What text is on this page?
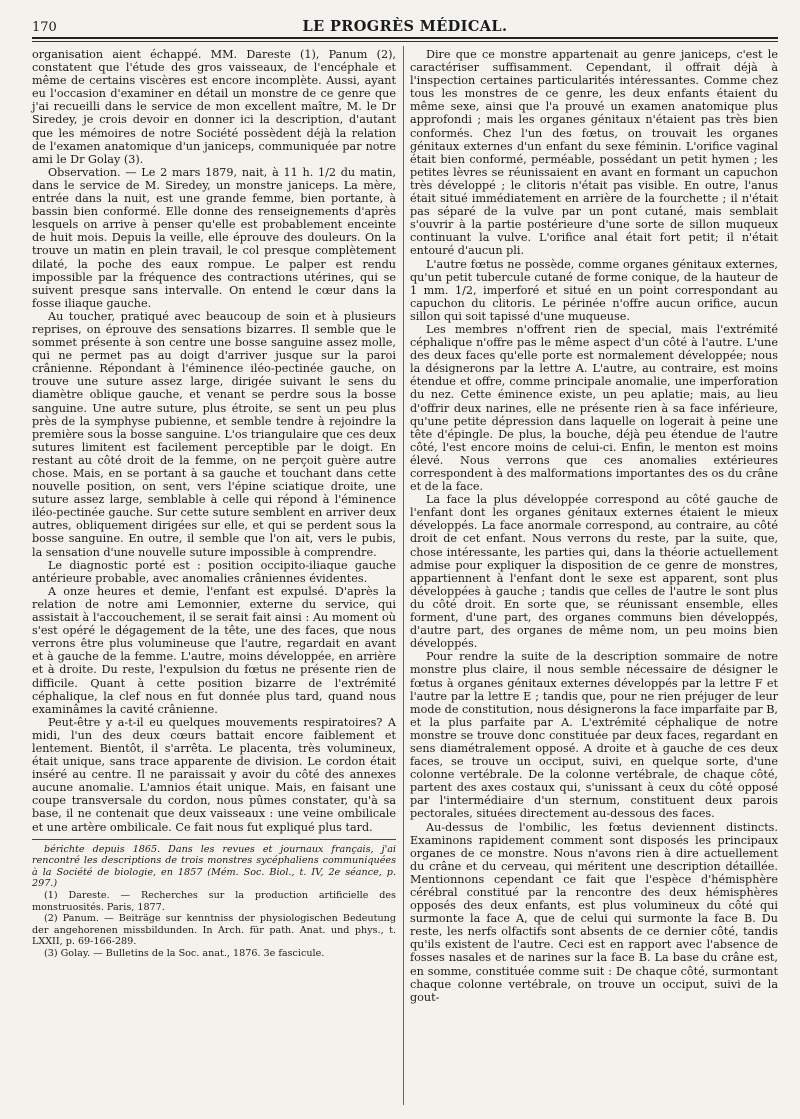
170	LE PROGRÈS MÉDICAL.

organisation aient échappé. MM. Dareste (1), Panum (2), constatent que l'étude des gros vaisseaux, de l'encéphale et même de certains viscères est encore incomplète. Aussi, ayant eu l'occasion d'examiner en détail un monstre de ce genre que j'ai recueilli dans le service de mon excellent maître, M. le Dr Siredey, je crois devoir en donner ici la description, d'autant que les mémoires de notre Société possèdent déjà la relation de l'examen anatomique d'un janiceps, communiquée par notre ami le Dr Golay (3).

Observation. — Le 2 mars 1879, nait, à 11 h. 1/2 du matin, dans le service de M. Siredey, un monstre janiceps. La mère, entrée dans la nuit, est une grande femme, bien portante, à bassin bien conformé. Elle donne des renseignements d'après lesquels on arrive à penser qu'elle est probablement enceinte de huit mois. Depuis la veille, elle éprouve des douleurs. On la trouve un matin en plein travail, le col presque complètement dilaté, la poche des eaux rompue. Le palper est rendu impossible par la fréquence des contractions utérines, qui se suivent presque sans intervalle. On entend le cœur dans la fosse iliaque gauche.

Au toucher, pratiqué avec beaucoup de soin et à plusieurs reprises, on éprouve des sensations bizarres. Il semble que le sommet présente à son centre une bosse sanguine assez molle, qui ne permet pas au doigt d'arriver jusque sur la paroi crânienne. Répondant à l'éminence iléo-pectinée gauche, on trouve une suture assez large, dirigée suivant le sens du diamètre oblique gauche, et venant se perdre sous la bosse sanguine. Une autre suture, plus étroite, se sent un peu plus près de la symphyse pubienne, et semble tendre à rejoindre la première sous la bosse sanguine. L'os triangulaire que ces deux sutures limitent est facilement perceptible par le doigt. En restant au côté droit de la femme, on ne perçoit guère autre chose. Mais, en se portant à sa gauche et touchant dans cette nouvelle position, on sent, vers l'épine sciatique droite, une suture assez large, semblable à celle qui répond à l'éminence iléo-pectinée gauche. Sur cette suture semblent en arriver deux autres, obliquement dirigées sur elle, et qui se perdent sous la bosse sanguine. En outre, il semble que l'on ait, vers le pubis, la sensation d'une nouvelle suture impossible à comprendre.

Le diagnostic porté est : position occipito-iliaque gauche antérieure probable, avec anomalies crâniennes évidentes.

A onze heures et demie, l'enfant est expulsé. D'après la relation de notre ami Lemonnier, externe du service, qui assistait à l'accouchement, il se serait fait ainsi : Au moment où s'est opéré le dégagement de la tête, une des faces, que nous verrons être plus volumineuse que l'autre, regardait en avant et à gauche de la femme. L'autre, moins développée, en arrière et à droite. Du reste, l'expulsion du fœtus ne présente rien de difficile. Quant à cette position bizarre de l'extrémité céphalique, la clef nous en fut donnée plus tard, quand nous examinâmes la cavité crânienne.

Peut-être y a-t-il eu quelques mouvements respiratoires? A midi, l'un des deux cœurs battait encore faiblement et lentement. Bientôt, il s'arrêta. Le placenta, très volumineux, était unique, sans trace apparente de division. Le cordon était inséré au centre. Il ne paraissait y avoir du côté des annexes aucune anomalie. L'amnios était unique. Mais, en faisant une coupe transversale du cordon, nous pûmes constater, qu'à sa base, il ne contenait que deux vaisseaux : une veine ombilicale et une artère ombilicale. Ce fait nous fut expliqué plus tard.

bérichte depuis 1865. Dans les revues et journaux français, j'ai rencontré les descriptions de trois monstres sycéphaliens communiquées à la Société de biologie, en 1857 (Mém. Soc. Biol., t. IV, 2e séance, p. 297.)

(1) Dareste. — Recherches sur la production artificielle des monstruosités. Paris, 1877.

(2) Panum. — Beiträge sur kenntniss der physiologischen Bedeutung der angehorenen missbildunden. In Arch. für path. Anat. und phys., t. LXXII, p. 69-166-289.

(3) Golay. — Bulletins de la Soc. anat., 1876. 3e fascicule.

Dire que ce monstre appartenait au genre janiceps, c'est le caractériser suffisamment. Cependant, il offrait déjà à l'inspection certaines particularités intéressantes. Comme chez tous les monstres de ce genre, les deux enfants étaient du même sexe, ainsi que l'a prouvé un examen anatomique plus approfondi ; mais les organes génitaux n'étaient pas très bien conformés. Chez l'un des fœtus, on trouvait les organes génitaux externes d'un enfant du sexe féminin. L'orifice vaginal était bien conformé, perméable, possédant un petit hymen ; les petites lèvres se réunissaient en avant en formant un capuchon très développé ; le clitoris n'était pas visible. En outre, l'anus était situé immédiatement en arrière de la fourchette ; il n'était pas séparé de la vulve par un pont cutané, mais semblait s'ouvrir à la partie postérieure d'une sorte de sillon muqueux continuant la vulve. L'orifice anal était fort petit; il n'était entouré d'aucun pli.

L'autre fœtus ne possède, comme organes génitaux externes, qu'un petit tubercule cutané de forme conique, de la hauteur de 1 mm. 1/2, imperforé et situé en un point correspondant au capuchon du clitoris. Le périnée n'offre aucun orifice, aucun sillon qui soit tapissé d'une muqueuse.

Les membres n'offrent rien de special, mais l'extrémité céphalique n'offre pas le même aspect d'un côté à l'autre. L'une des deux faces qu'elle porte est normalement développée; nous la désignerons par la lettre A. L'autre, au contraire, est moins étendue et offre, comme principale anomalie, une imperforation du nez. Cette éminence existe, un peu aplatie; mais, au lieu d'offrir deux narines, elle ne présente rien à sa face inférieure, qu'une petite dépression dans laquelle on logerait à peine une tête d'épingle. De plus, la bouche, déjà peu étendue de l'autre côté, l'est encore moins de celui-ci. Enfin, le menton est moins élevé. Nous verrons que ces anomalies extérieures correspondent à des malformations importantes des os du crâne et de la face.

La face la plus développée correspond au côté gauche de l'enfant dont les organes génitaux externes étaient le mieux développés. La face anormale correspond, au contraire, au côté droit de cet enfant. Nous verrons du reste, par la suite, que, chose intéressante, les parties qui, dans la théorie actuellement admise pour expliquer la disposition de ce genre de monstres, appartiennent à l'enfant dont le sexe est apparent, sont plus développées à gauche ; tandis que celles de l'autre le sont plus du côté droit. En sorte que, se réunissant ensemble, elles forment, d'une part, des organes communs bien développés, d'autre part, des organes de même nom, un peu moins bien développés.

Pour rendre la suite de la description sommaire de notre monstre plus claire, il nous semble nécessaire de désigner le fœtus à organes génitaux externes développés par la lettre F et l'autre par la lettre E ; tandis que, pour ne rien préjuger de leur mode de constitution, nous désignerons la face imparfaite par B, et la plus parfaite par A. L'extrémité céphalique de notre monstre se trouve donc constituée par deux faces, regardant en sens diamétralement opposé. A droite et à gauche de ces deux faces, se trouve un occiput, suivi, en quelque sorte, d'une colonne vertébrale. De la colonne vertébrale, de chaque côté, partent des axes costaux qui, s'unissant à ceux du côté opposé par l'intermédiaire d'un sternum, constituent deux parois pectorales, situées directement au-dessous des faces.

Au-dessus de l'ombilic, les fœtus deviennent distincts. Examinons rapidement comment sont disposés les principaux organes de ce monstre. Nous n'avons rien à dire actuellement du crâne et du cerveau, qui méritent une description détaillée. Mentionnons cependant ce fait que l'espèce d'hémisphère cérébral constitué par la rencontre des deux hémisphères opposés des deux enfants, est plus volumineux du côté qui surmonte la face A, que de celui qui surmonte la face B. Du reste, les nerfs olfactifs sont absents de ce dernier côté, tandis qu'ils existent de l'autre. Ceci est en rapport avec l'absence de fosses nasales et de narines sur la face B. La base du crâne est, en somme, constituée comme suit : De chaque côté, surmontant chaque colonne vertébrale, on trouve un occiput, suivi de la gout-
